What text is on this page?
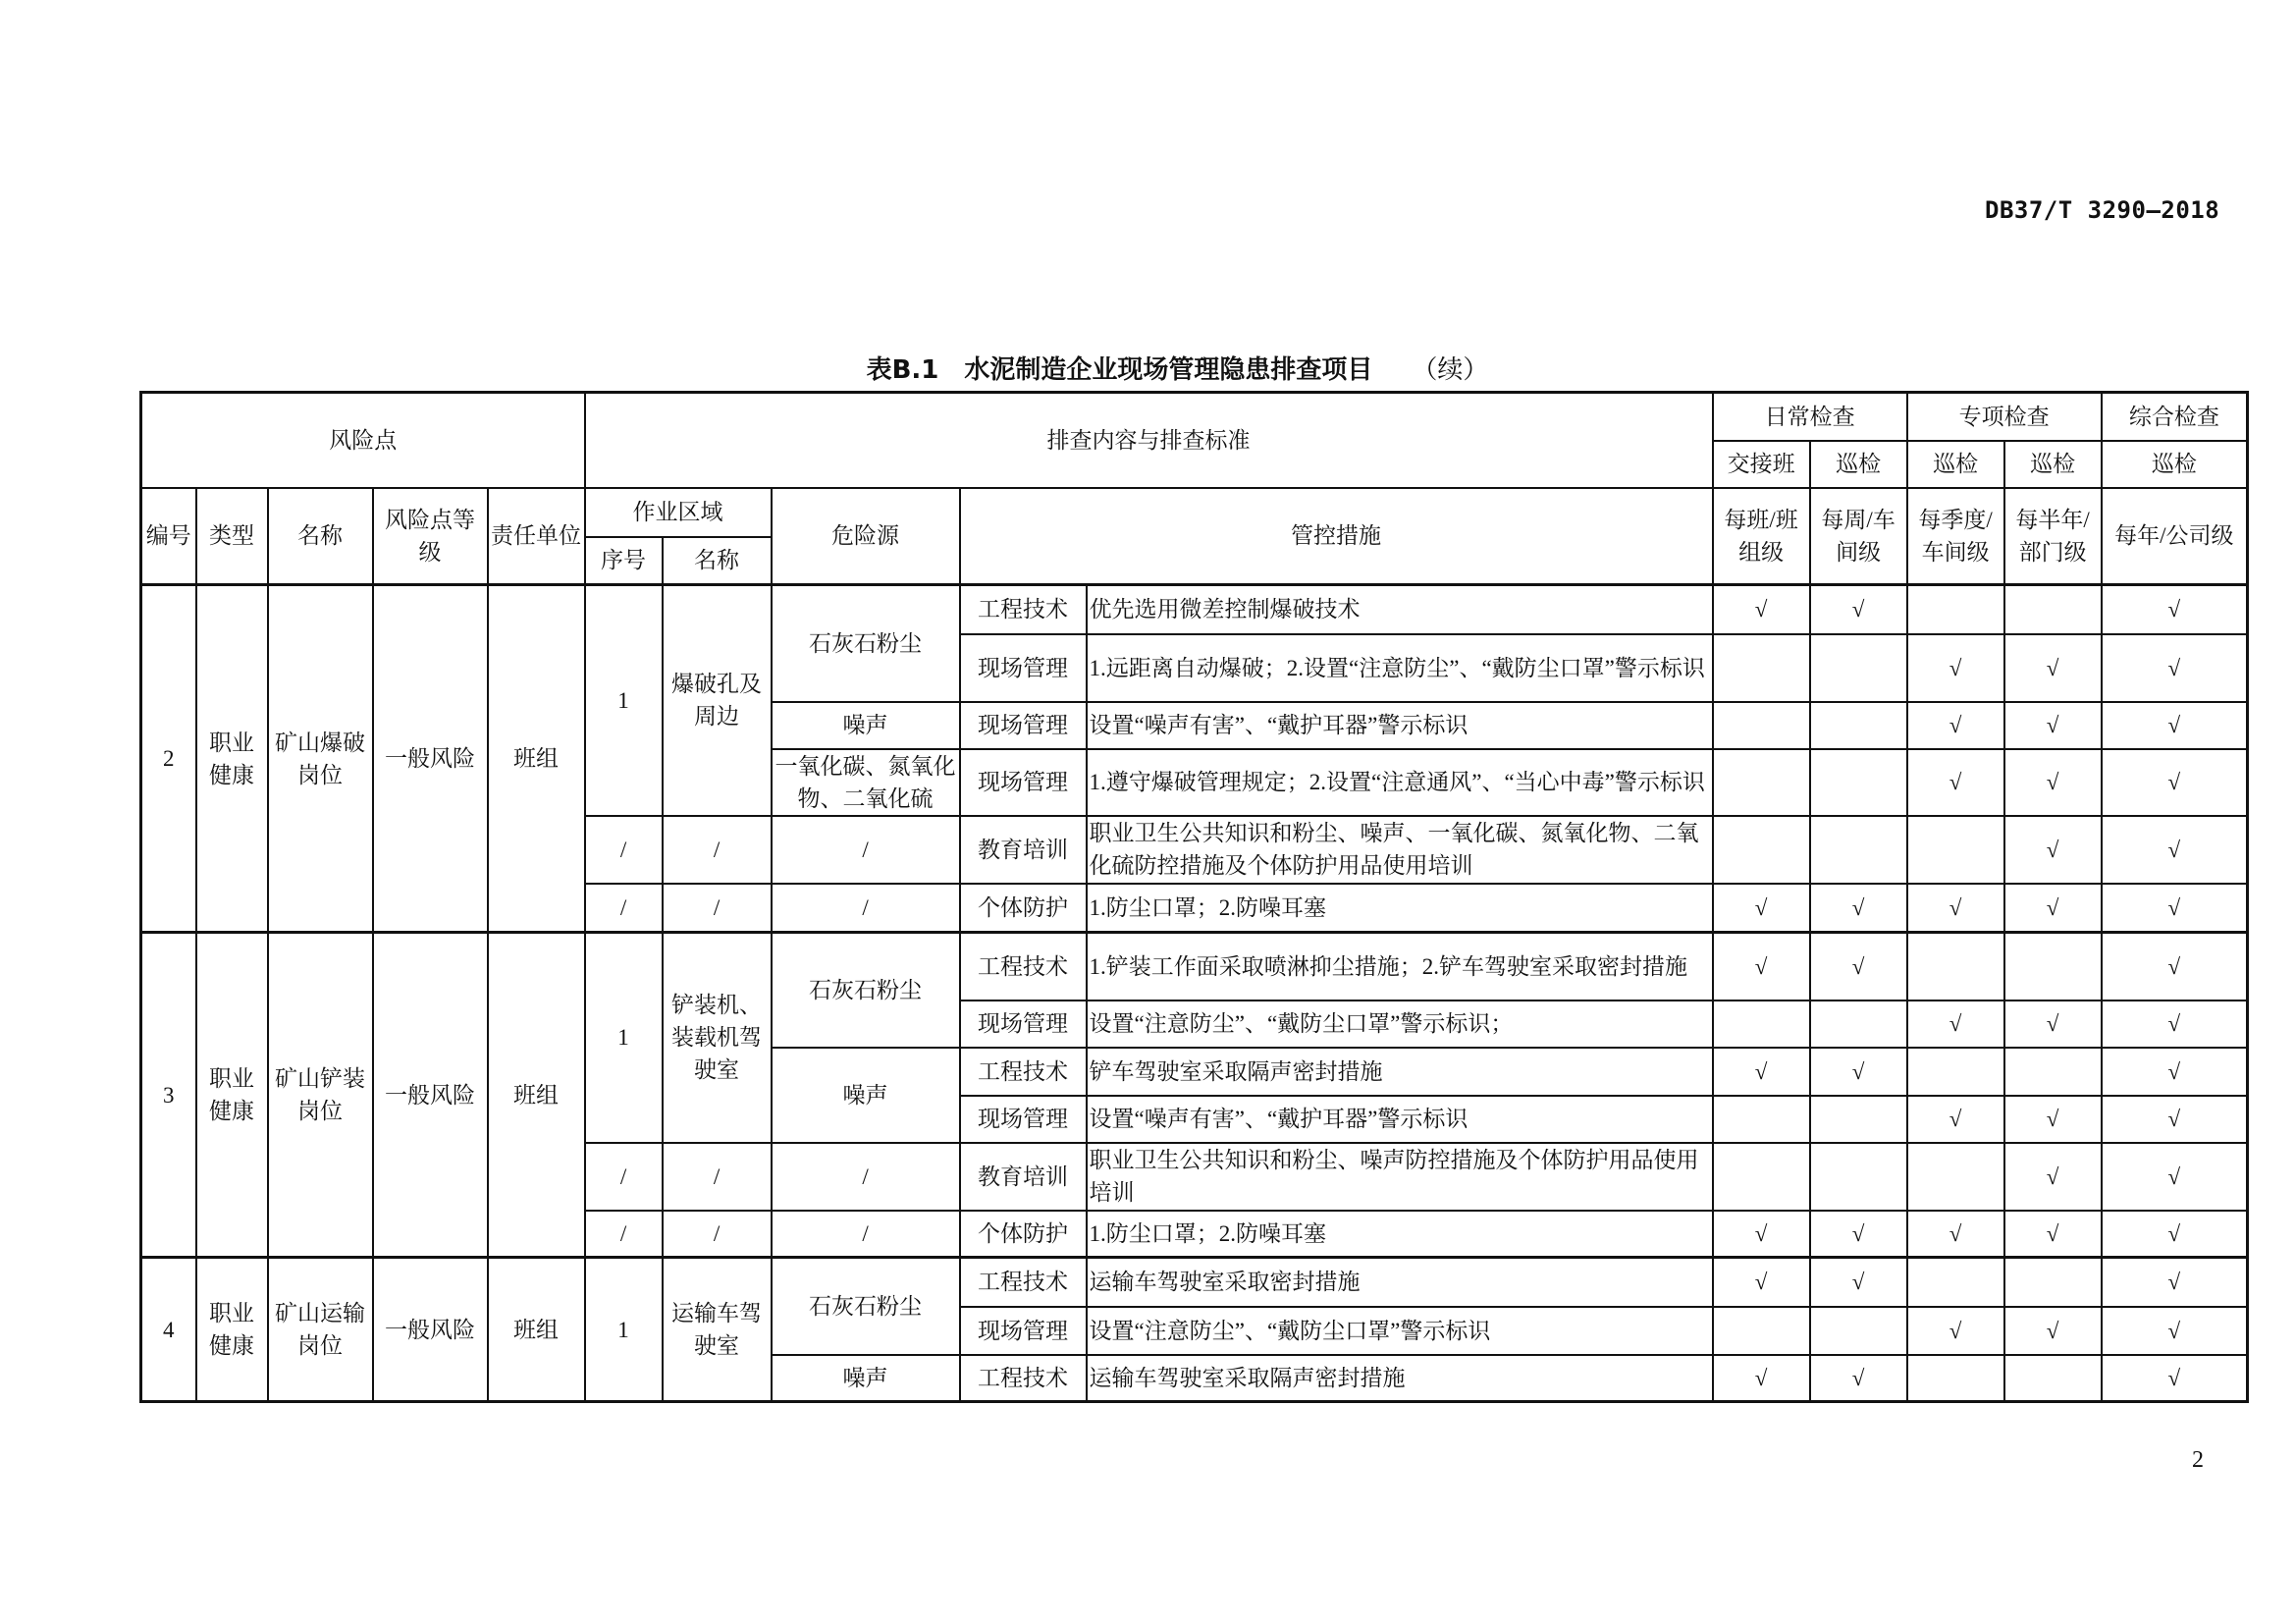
DB37/T 3290—2018
表B.1　水泥制造企业现场管理隐患排查项目 （续）
风险点					排查内容与排查标准					日常检查		专项检查		综合检查
										交接班	巡检	巡检	巡检	巡检
编号	类型	名称	风险点等级	责任单位	作业区域		危险源	管控措施		每班/班组级	每周/车间级	每季度/车间级	每半年/部门级	每年/公司级
					序号	名称								
2	职业健康	矿山爆破岗位	一般风险	班组	1	爆破孔及周边	石灰石粉尘	工程技术	优先选用微差控制爆破技术	√	√			√
								现场管理	1.远距离自动爆破；2.设置“注意防尘”、“戴防尘口罩”警示标识			√	√	√
							噪声	现场管理	设置“噪声有害”、“戴护耳器”警示标识			√	√	√
							一氧化碳、氮氧化物、二氧化硫	现场管理	1.遵守爆破管理规定；2.设置“注意通风”、“当心中毒”警示标识			√	√	√
					/	/	/	教育培训	职业卫生公共知识和粉尘、噪声、一氧化碳、氮氧化物、二氧化硫防控措施及个体防护用品使用培训				√	√
					/	/	/	个体防护	1.防尘口罩；2.防噪耳塞	√	√	√	√	√
3	职业健康	矿山铲装岗位	一般风险	班组	1	铲装机、装载机驾驶室	石灰石粉尘	工程技术	1.铲装工作面采取喷淋抑尘措施；2.铲车驾驶室采取密封措施	√	√			√
								现场管理	设置“注意防尘”、“戴防尘口罩”警示标识；			√	√	√
							噪声	工程技术	铲车驾驶室采取隔声密封措施	√	√			√
								现场管理	设置“噪声有害”、“戴护耳器”警示标识			√	√	√
					/	/	/	教育培训	职业卫生公共知识和粉尘、噪声防控措施及个体防护用品使用培训				√	√
					/	/	/	个体防护	1.防尘口罩；2.防噪耳塞	√	√	√	√	√
4	职业健康	矿山运输岗位	一般风险	班组	1	运输车驾驶室	石灰石粉尘	工程技术	运输车驾驶室采取密封措施	√	√			√
								现场管理	设置“注意防尘”、“戴防尘口罩”警示标识			√	√	√
							噪声	工程技术	运输车驾驶室采取隔声密封措施	√	√			√
2
